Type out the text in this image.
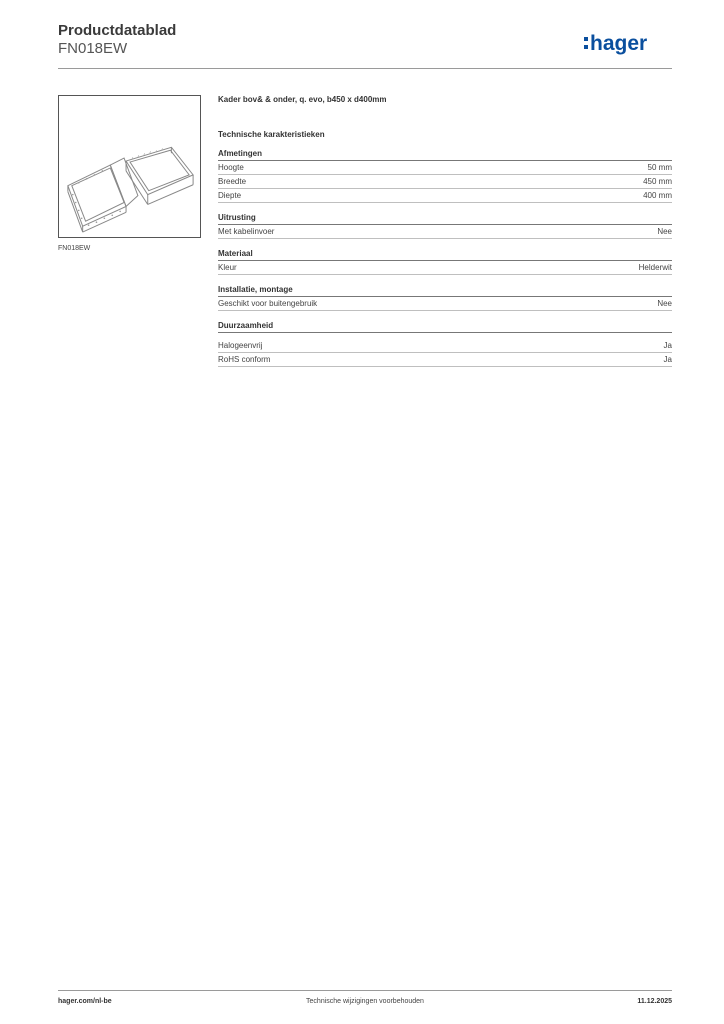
Productdatablad
FN018EW	hager
FN018EW
Kader bov& & onder, q. evo, b450 x d400mm
Technische karakteristieken
Afmetingen
Hoogte	50 mm
Breedte	450 mm
Diepte	400 mm
Uitrusting
Met kabelinvoer	Nee
Materiaal
Kleur	Helderwit
Installatie, montage
Geschikt voor buitengebruik	Nee
Duurzaamheid
Halogeenvrij	Ja
RoHS conform	Ja
hager.com/nl-be	Technische wijzigingen voorbehouden	11.12.2025
